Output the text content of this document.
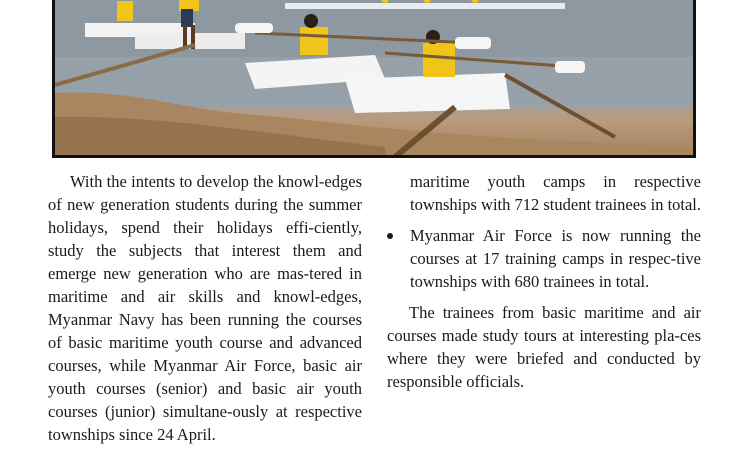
With the intents to develop the knowl-edges of new generation students during the summer holidays, spend their holidays effi-ciently, study the subjects that interest them and emerge new generation who are mas-tered in maritime and air skills and knowl-edges, Myanmar Navy has been running the courses of basic maritime youth course and advanced courses, while Myanmar Air Force, basic air youth courses (senior) and basic air youth courses (junior) simultane-ously at respective townships since 24 April.

maritime youth camps in respective townships with 712 student trainees in total.

Myanmar Air Force is now running the courses at 17 training camps in respec-tive townships with 680 trainees in total.

The trainees from basic maritime and air courses made study tours at interesting pla-ces where they were briefed and conducted by responsible officials.
